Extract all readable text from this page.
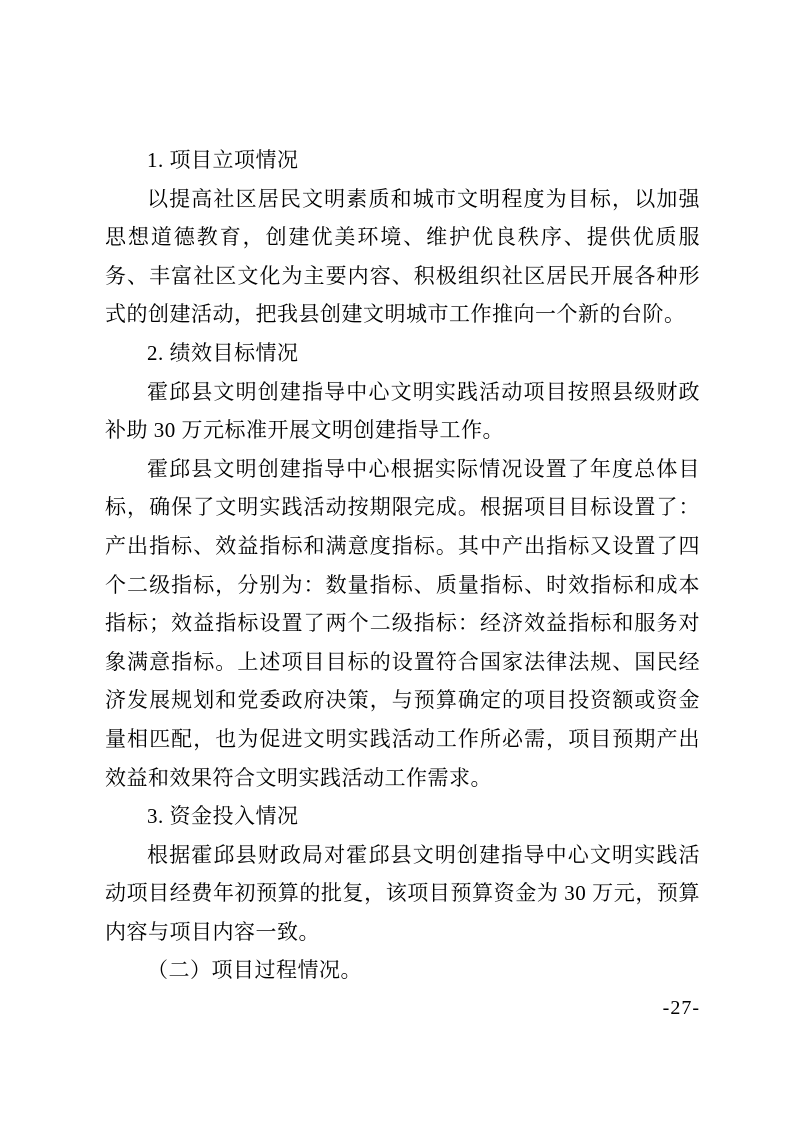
1. 项目立项情况

以提高社区居民文明素质和城市文明程度为目标，以加强思想道德教育，创建优美环境、维护优良秩序、提供优质服务、丰富社区文化为主要内容、积极组织社区居民开展各种形式的创建活动，把我县创建文明城市工作推向一个新的台阶。

2. 绩效目标情况

霍邱县文明创建指导中心文明实践活动项目按照县级财政补助 30 万元标准开展文明创建指导工作。

霍邱县文明创建指导中心根据实际情况设置了年度总体目标，确保了文明实践活动按期限完成。根据项目目标设置了：产出指标、效益指标和满意度指标。其中产出指标又设置了四个二级指标，分别为：数量指标、质量指标、时效指标和成本指标；效益指标设置了两个二级指标：经济效益指标和服务对象满意指标。上述项目目标的设置符合国家法律法规、国民经济发展规划和党委政府决策，与预算确定的项目投资额或资金量相匹配，也为促进文明实践活动工作所必需，项目预期产出效益和效果符合文明实践活动工作需求。

3. 资金投入情况

根据霍邱县财政局对霍邱县文明创建指导中心文明实践活动项目经费年初预算的批复，该项目预算资金为 30 万元，预算内容与项目内容一致。

（二）项目过程情况。

-27-
